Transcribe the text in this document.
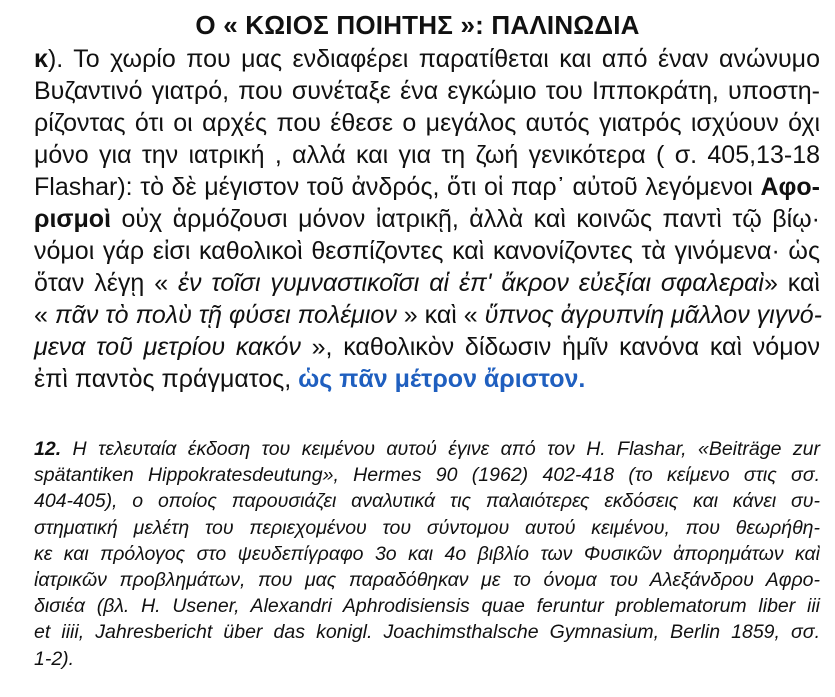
Ο « ΚΩΙΟΣ ΠΟΙΗΤΗΣ »: ΠΑΛΙΝΩΔΙΑ
κ). Το χωρίο που μας ενδιαφέρει παρατίθεται και από έναν ανώνυμο
Βυζαντινό γιατρό, που συνέταξε ένα εγκώμιο του Ιπποκράτη, υποστη-
ρίζοντας ότι οι αρχές που έθεσε ο μεγάλος αυτός γιατρός ισχύουν όχι
μόνο για την ιατρική , αλλά και για τη ζωή γενικότερα ( σ. 405,13-18
Flashar): τὸ δὲ μέγιστον τοῦ ἀνδρός, ὅτι οἱ παρ᾽ αὐτοῦ λεγόμενοι Αφο-
ρισμοὶ οὐχ ἁρμόζουσι μόνον ἰατρικῇ, ἀλλὰ καὶ κοινῶς παντὶ τῷ βίῳ·
νόμοι γάρ εἰσι καθολικοὶ θεσπίζοντες καὶ κανονίζοντες τὰ γινόμενα· ὡς
ὅταν λέγῃ « ἐν τοῖσι γυμναστικοῖσι αἱ ἐπ' ἄκρον εὐεξίαι σφαλεραὶ» καὶ
« πᾶν τὸ πολὺ τῇ φύσει πολέμιον » καὶ « ὕπνος ἀγρυπνίη μᾶλλον γιγνό-
μενα τοῦ μετρίου κακόν », καθολικὸν δίδωσιν ἡμῖν κανόνα καὶ νόμον
ἐπὶ παντὸς πράγματος, ὡς πᾶν μέτρον ἄριστον.
12. Η τελευταία έκδοση του κειμένου αυτού έγινε από τον H. Flashar, «Beiträge zur
spätantiken Hippokratesdeutung», Hermes 90 (1962) 402-418 (το κείμενο στις σσ.
404-405), ο οποίος παρουσιάζει αναλυτικά τις παλαιότερες εκδόσεις και κάνει συ-
στηματική μελέτη του περιεχομένου του σύντομου αυτού κειμένου, που θεωρήθη-
κε και πρόλογος στο ψευδεπίγραφο 3ο και 4ο βιβλίο των Φυσικῶν ἀπορημάτων καὶ
ἰατρικῶν προβλημάτων, που μας παραδόθηκαν με το όνομα του Αλεξάνδρου Αφρο-
δισιέα (βλ. H. Usener, Alexandri Aphrodisiensis quae feruntur problematorum liber iii
et iiii, Jahresbericht über das konigl. Joachimsthalsche Gymnasium, Berlin 1859, σσ.
1-2).
